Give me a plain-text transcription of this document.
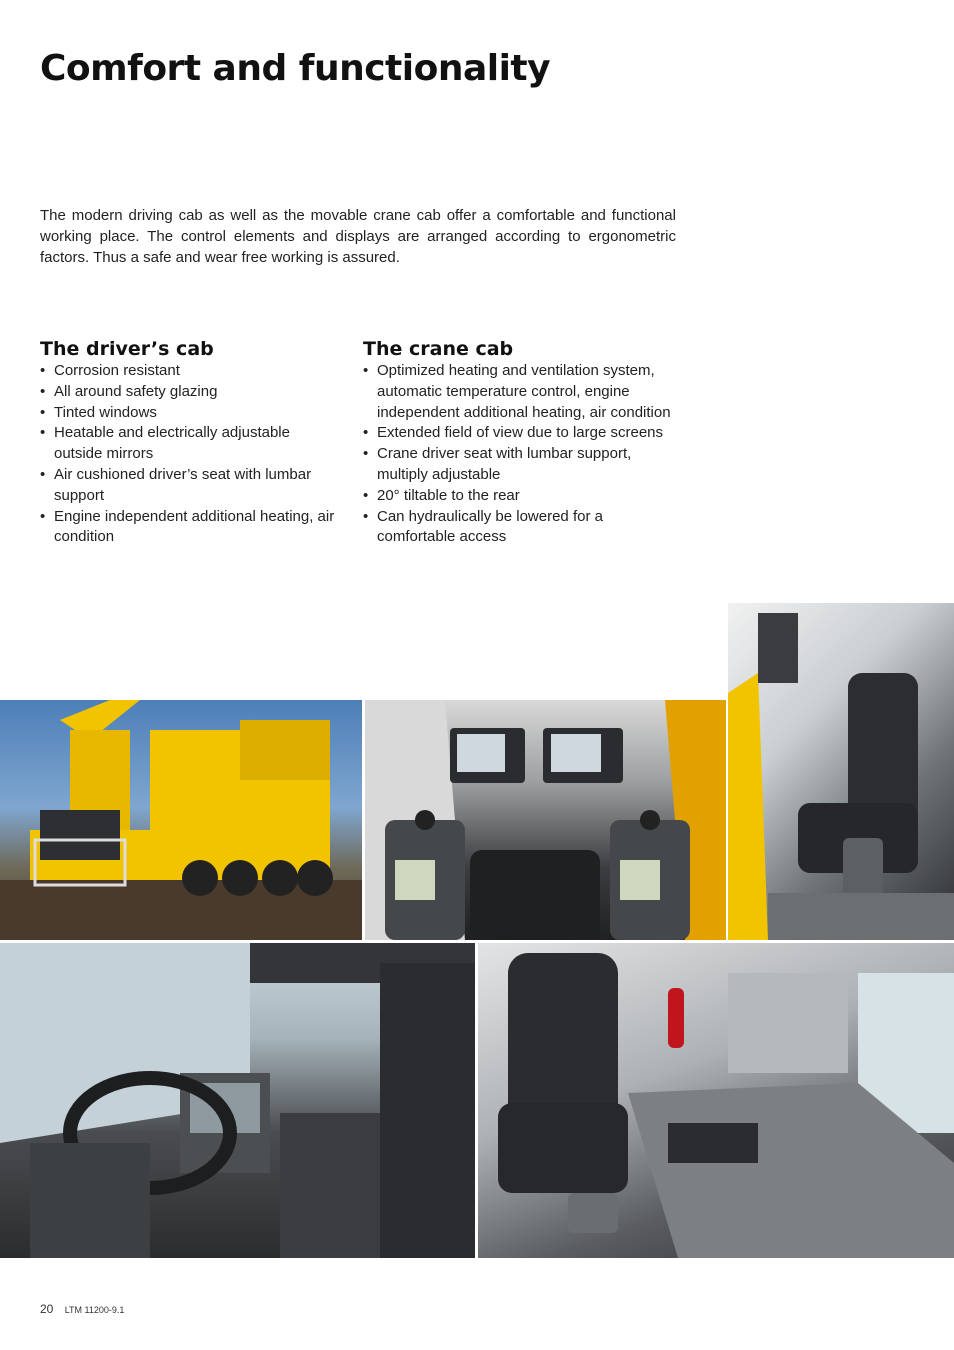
Comfort and functionality

The modern driving cab as well as the movable crane cab offer a comfortable and functional working place. The control elements and displays are arranged according to ergonometric factors. Thus a safe and wear free working is assured.

The driver’s cab
• Corrosion resistant
• All around safety glazing
• Tinted windows
• Heatable and electrically adjustable outside mirrors
• Air cushioned driver’s seat with lumbar support
• Engine independent additional heating, air condition
The crane cab
• Optimized heating and ventilation system, automatic temperature control, engine independent additional heating, air condition
• Extended field of view due to large screens
• Crane driver seat with lumbar support, multiply adjustable
• 20° tiltable to the rear
• Can hydraulically be lowered for a comfortable access
20 LTM 11200-9.1
